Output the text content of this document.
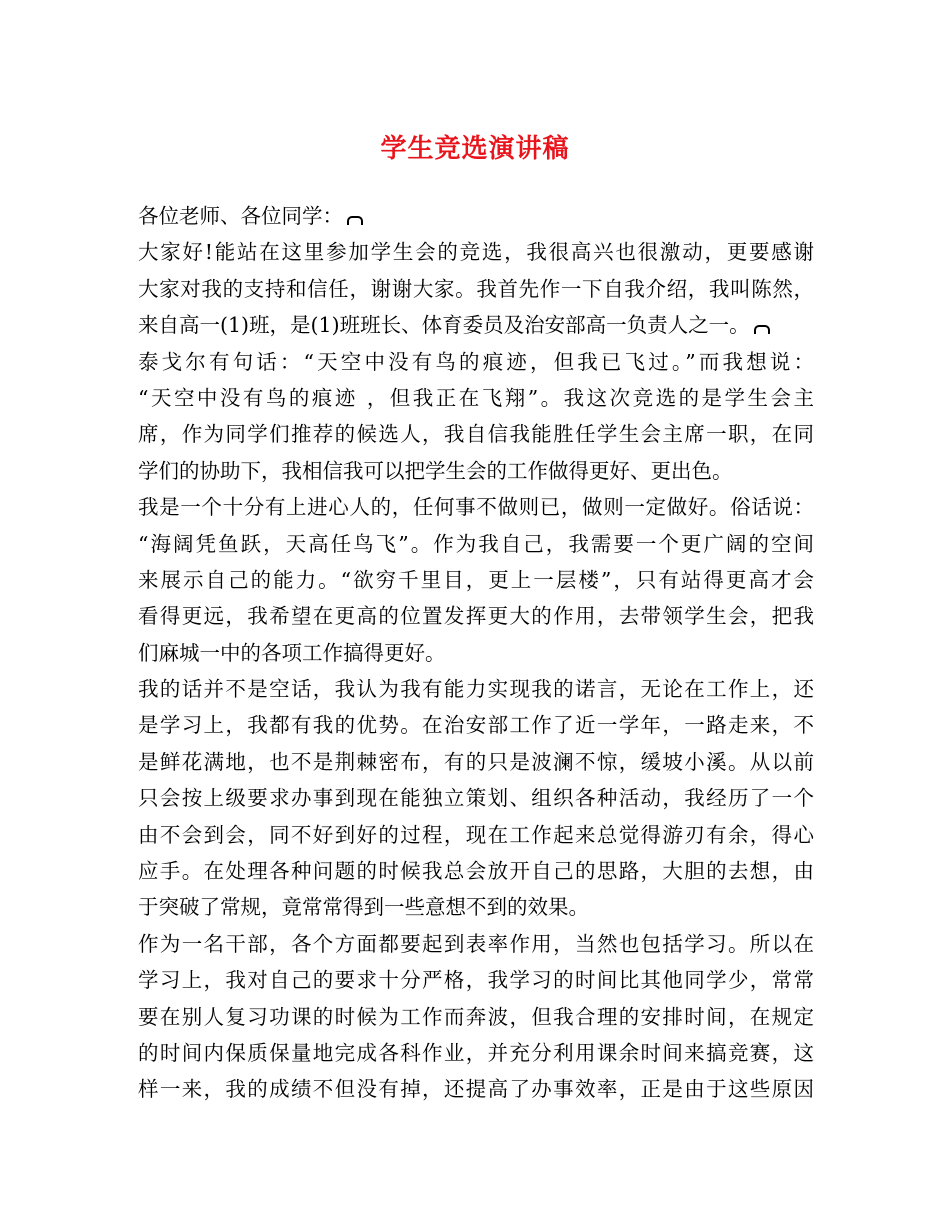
学生竞选演讲稿
各位老师、各位同学：
大家好!能站在这里参加学生会的竞选，我很高兴也很激动，更要感谢
大家对我的支持和信任，谢谢大家。我首先作一下自我介绍，我叫陈然，
来自高一(1)班，是(1)班班长、体育委员及治安部高一负责人之一。
泰戈尔有句话：“天空中没有鸟的痕迹，但我已飞过。”而我想说：
“天空中没有鸟的痕迹 ，但我正在飞翔”。我这次竞选的是学生会主
席，作为同学们推荐的候选人，我自信我能胜任学生会主席一职，在同
学们的协助下，我相信我可以把学生会的工作做得更好、更出色。
我是一个十分有上进心人的，任何事不做则已，做则一定做好。俗话说：
“海阔凭鱼跃，天高任鸟飞”。作为我自己，我需要一个更广阔的空间
来展示自己的能力。“欲穷千里目，更上一层楼”，只有站得更高才会
看得更远，我希望在更高的位置发挥更大的作用，去带领学生会，把我
们麻城一中的各项工作搞得更好。
我的话并不是空话，我认为我有能力实现我的诺言，无论在工作上，还
是学习上，我都有我的优势。在治安部工作了近一学年，一路走来，不
是鲜花满地，也不是荆棘密布，有的只是波澜不惊，缓坡小溪。从以前
只会按上级要求办事到现在能独立策划、组织各种活动，我经历了一个
由不会到会，同不好到好的过程，现在工作起来总觉得游刃有余，得心
应手。在处理各种问题的时候我总会放开自己的思路，大胆的去想，由
于突破了常规，竟常常得到一些意想不到的效果。
作为一名干部，各个方面都要起到表率作用，当然也包括学习。所以在
学习上，我对自己的要求十分严格，我学习的时间比其他同学少，常常
要在别人复习功课的时候为工作而奔波，但我合理的安排时间，在规定
的时间内保质保量地完成各科作业，并充分利用课余时间来搞竞赛，这
样一来，我的成绩不但没有掉，还提高了办事效率，正是由于这些原因
